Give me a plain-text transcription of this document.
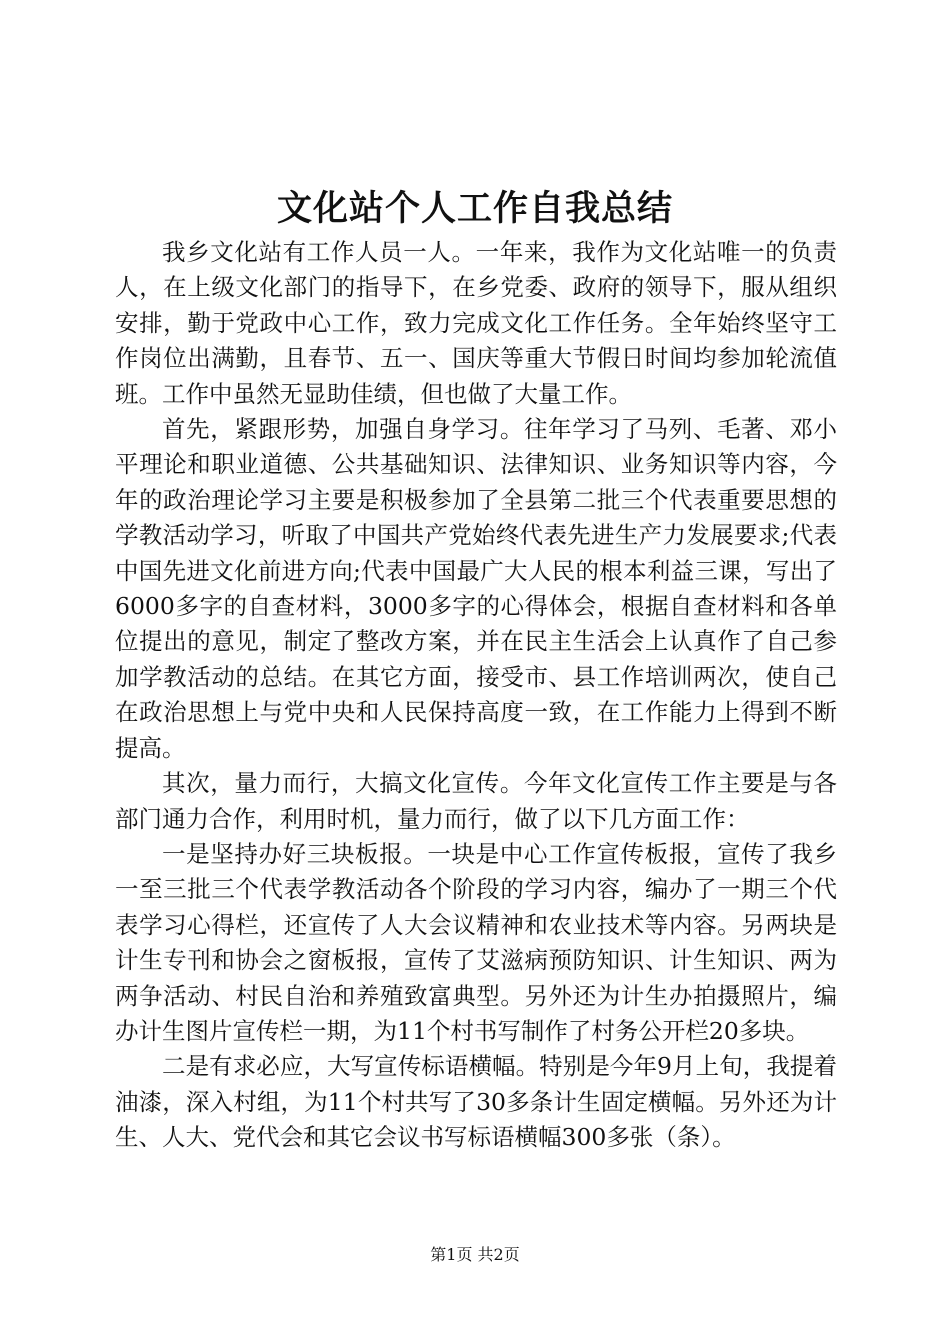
文化站个人工作自我总结

我乡文化站有工作人员一人。一年来，我作为文化站唯一的负责人，在上级文化部门的指导下，在乡党委、政府的领导下，服从组织安排，勤于党政中心工作，致力完成文化工作任务。全年始终坚守工作岗位出满勤，且春节、五一、国庆等重大节假日时间均参加轮流值班。工作中虽然无显助佳绩，但也做了大量工作。

首先，紧跟形势，加强自身学习。往年学习了马列、毛著、邓小平理论和职业道德、公共基础知识、法律知识、业务知识等内容，今年的政治理论学习主要是积极参加了全县第二批三个代表重要思想的学教活动学习，听取了中国共产党始终代表先进生产力发展要求;代表中国先进文化前进方向;代表中国最广大人民的根本利益三课，写出了6000多字的自查材料，3000多字的心得体会，根据自查材料和各单位提出的意见，制定了整改方案，并在民主生活会上认真作了自己参加学教活动的总结。在其它方面，接受市、县工作培训两次，使自己在政治思想上与党中央和人民保持高度一致，在工作能力上得到不断提高。

其次，量力而行，大搞文化宣传。今年文化宣传工作主要是与各部门通力合作，利用时机，量力而行，做了以下几方面工作：

一是坚持办好三块板报。一块是中心工作宣传板报，宣传了我乡一至三批三个代表学教活动各个阶段的学习内容，编办了一期三个代表学习心得栏，还宣传了人大会议精神和农业技术等内容。另两块是计生专刊和协会之窗板报，宣传了艾滋病预防知识、计生知识、两为两争活动、村民自治和养殖致富典型。另外还为计生办拍摄照片，编办计生图片宣传栏一期，为11个村书写制作了村务公开栏20多块。

二是有求必应，大写宣传标语横幅。特别是今年9月上旬，我提着油漆，深入村组，为11个村共写了30多条计生固定横幅。另外还为计生、人大、党代会和其它会议书写标语横幅300多张（条）。

第1页 共2页
